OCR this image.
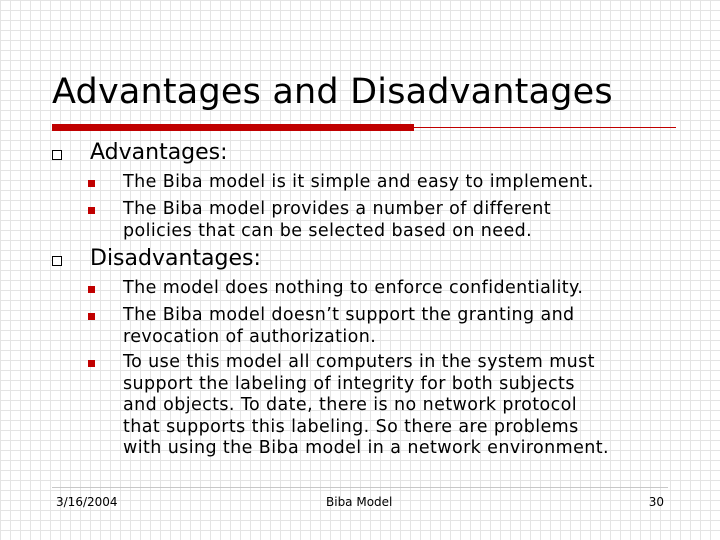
Advantages and Disadvantages
Advantages:
The Biba model is it simple and easy to implement.
The Biba model provides a number of different
policies that can be selected based on need.
Disadvantages:
The model does nothing to enforce confidentiality.
The Biba model doesn’t support the granting and
revocation of authorization.
To use this model all computers in the system must
support the labeling of integrity for both subjects
and objects. To date, there is no network protocol
that supports this labeling. So there are problems
with using the Biba model in a network environment.
3/16/2004	Biba Model	30
